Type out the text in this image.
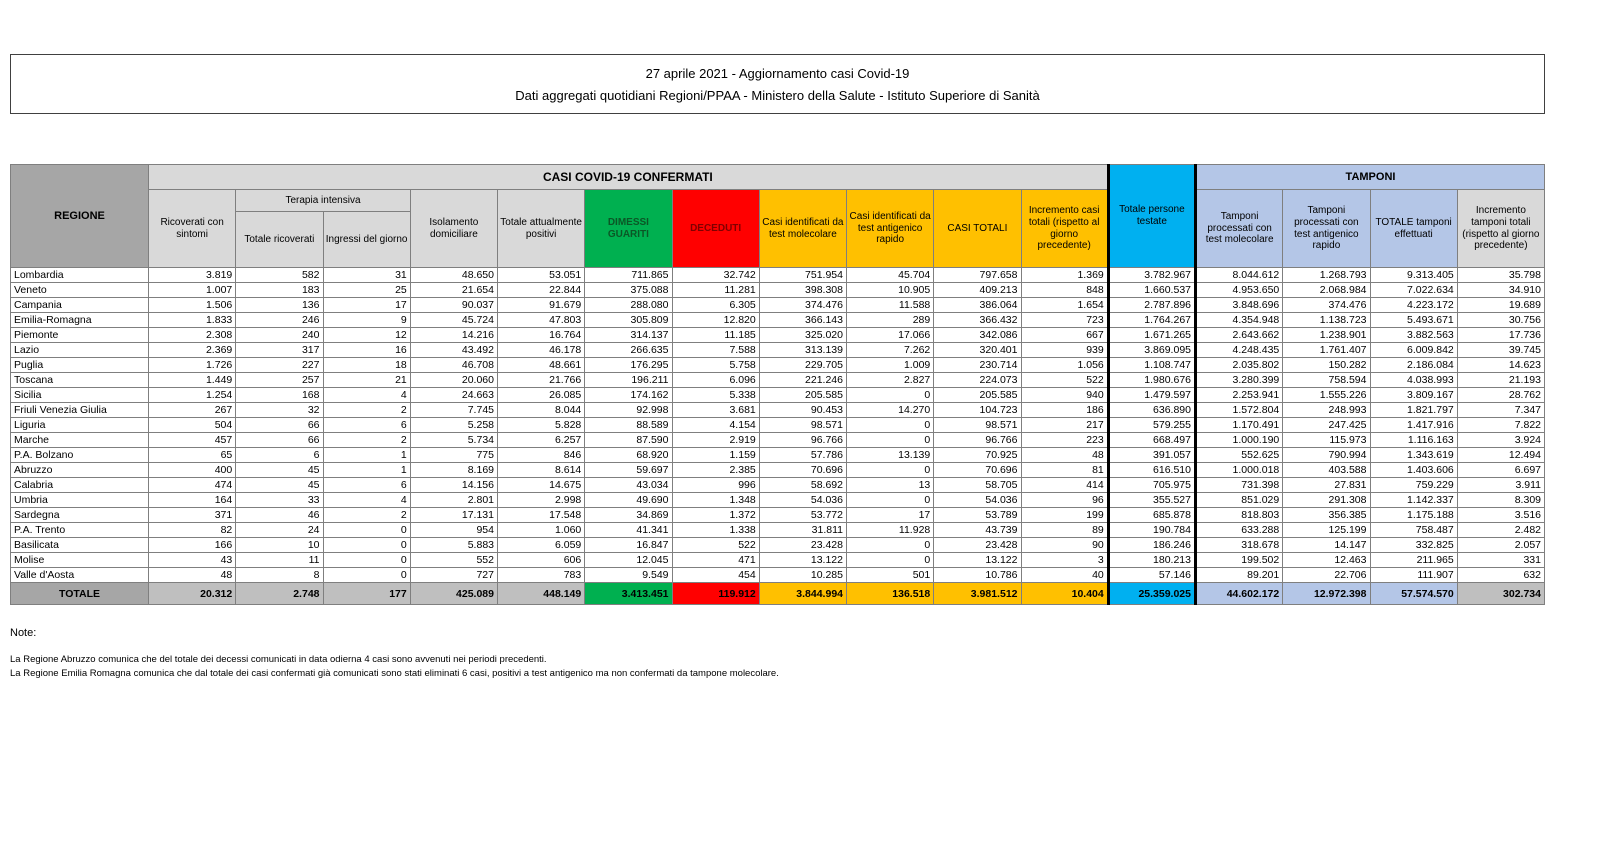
27 aprile 2021 - Aggiornamento casi Covid-19

Dati aggregati quotidiani Regioni/PPAA - Ministero della Salute - Istituto Superiore di Sanità

REGIONE	CASI COVID-19 CONFERMATI											Totale persone testate	TAMPONI			
	Ricoverati con sintomi	Terapia intensiva		Isolamento domiciliare	Totale attualmente positivi	DIMESSI GUARITI	DECEDUTI	Casi identificati da test molecolare	Casi identificati da test antigenico rapido	CASI TOTALI	Incremento casi totali (rispetto al giorno precedente)		Tamponi processati con test molecolare	Tamponi processati con test antigenico rapido	TOTALE tamponi effettuati	Incremento tamponi totali (rispetto al giorno precedente)
		Totale ricoverati	Ingressi del giorno													
Lombardia	3.819	582	31	48.650	53.051	711.865	32.742	751.954	45.704	797.658	1.369	3.782.967	8.044.612	1.268.793	9.313.405	35.798
Veneto	1.007	183	25	21.654	22.844	375.088	11.281	398.308	10.905	409.213	848	1.660.537	4.953.650	2.068.984	7.022.634	34.910
Campania	1.506	136	17	90.037	91.679	288.080	6.305	374.476	11.588	386.064	1.654	2.787.896	3.848.696	374.476	4.223.172	19.689
Emilia-Romagna	1.833	246	9	45.724	47.803	305.809	12.820	366.143	289	366.432	723	1.764.267	4.354.948	1.138.723	5.493.671	30.756
Piemonte	2.308	240	12	14.216	16.764	314.137	11.185	325.020	17.066	342.086	667	1.671.265	2.643.662	1.238.901	3.882.563	17.736
Lazio	2.369	317	16	43.492	46.178	266.635	7.588	313.139	7.262	320.401	939	3.869.095	4.248.435	1.761.407	6.009.842	39.745
Puglia	1.726	227	18	46.708	48.661	176.295	5.758	229.705	1.009	230.714	1.056	1.108.747	2.035.802	150.282	2.186.084	14.623
Toscana	1.449	257	21	20.060	21.766	196.211	6.096	221.246	2.827	224.073	522	1.980.676	3.280.399	758.594	4.038.993	21.193
Sicilia	1.254	168	4	24.663	26.085	174.162	5.338	205.585	0	205.585	940	1.479.597	2.253.941	1.555.226	3.809.167	28.762
Friuli Venezia Giulia	267	32	2	7.745	8.044	92.998	3.681	90.453	14.270	104.723	186	636.890	1.572.804	248.993	1.821.797	7.347
Liguria	504	66	6	5.258	5.828	88.589	4.154	98.571	0	98.571	217	579.255	1.170.491	247.425	1.417.916	7.822
Marche	457	66	2	5.734	6.257	87.590	2.919	96.766	0	96.766	223	668.497	1.000.190	115.973	1.116.163	3.924
P.A. Bolzano	65	6	1	775	846	68.920	1.159	57.786	13.139	70.925	48	391.057	552.625	790.994	1.343.619	12.494
Abruzzo	400	45	1	8.169	8.614	59.697	2.385	70.696	0	70.696	81	616.510	1.000.018	403.588	1.403.606	6.697
Calabria	474	45	6	14.156	14.675	43.034	996	58.692	13	58.705	414	705.975	731.398	27.831	759.229	3.911
Umbria	164	33	4	2.801	2.998	49.690	1.348	54.036	0	54.036	96	355.527	851.029	291.308	1.142.337	8.309
Sardegna	371	46	2	17.131	17.548	34.869	1.372	53.772	17	53.789	199	685.878	818.803	356.385	1.175.188	3.516
P.A. Trento	82	24	0	954	1.060	41.341	1.338	31.811	11.928	43.739	89	190.784	633.288	125.199	758.487	2.482
Basilicata	166	10	0	5.883	6.059	16.847	522	23.428	0	23.428	90	186.246	318.678	14.147	332.825	2.057
Molise	43	11	0	552	606	12.045	471	13.122	0	13.122	3	180.213	199.502	12.463	211.965	331
Valle d'Aosta	48	8	0	727	783	9.549	454	10.285	501	10.786	40	57.146	89.201	22.706	111.907	632
TOTALE	20.312	2.748	177	425.089	448.149	3.413.451	119.912	3.844.994	136.518	3.981.512	10.404	25.359.025	44.602.172	12.972.398	57.574.570	302.734

Note:

La Regione Abruzzo comunica che del totale dei decessi comunicati in data odierna 4 casi sono avvenuti nei periodi precedenti.

La Regione Emilia Romagna comunica che dal totale dei casi confermati già comunicati sono stati eliminati 6 casi, positivi a test antigenico ma non confermati da tampone molecolare.
